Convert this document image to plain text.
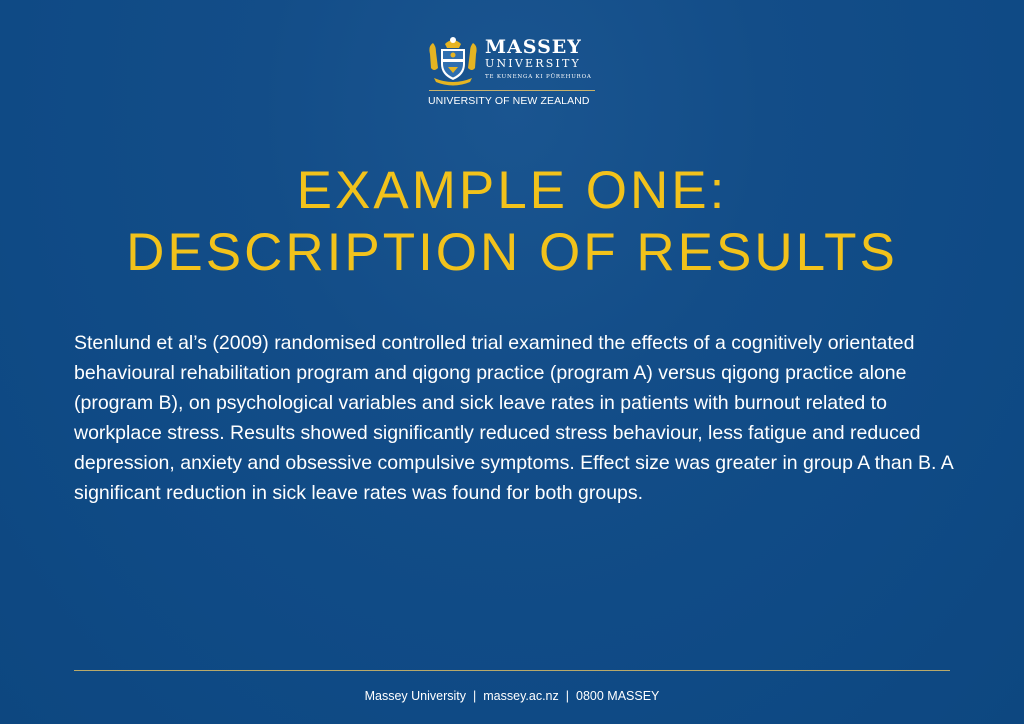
MASSEY
UNIVERSITY
TE KUNENGA KI PŪREHUROA
UNIVERSITY OF NEW ZEALAND
EXAMPLE ONE:
DESCRIPTION OF RESULTS

Stenlund et al’s (2009) randomised controlled trial examined the effects of a cognitively orientated behavioural rehabilitation program and qigong practice (program A) versus qigong practice alone (program B), on psychological variables and sick leave rates in patients with burnout related to workplace stress. Results showed significantly reduced stress behaviour, less fatigue and reduced depression, anxiety and obsessive compulsive symptoms. Effect size was greater in group A than B. A significant reduction in sick leave rates was found for both groups.

Massey University | massey.ac.nz | 0800 MASSEY
